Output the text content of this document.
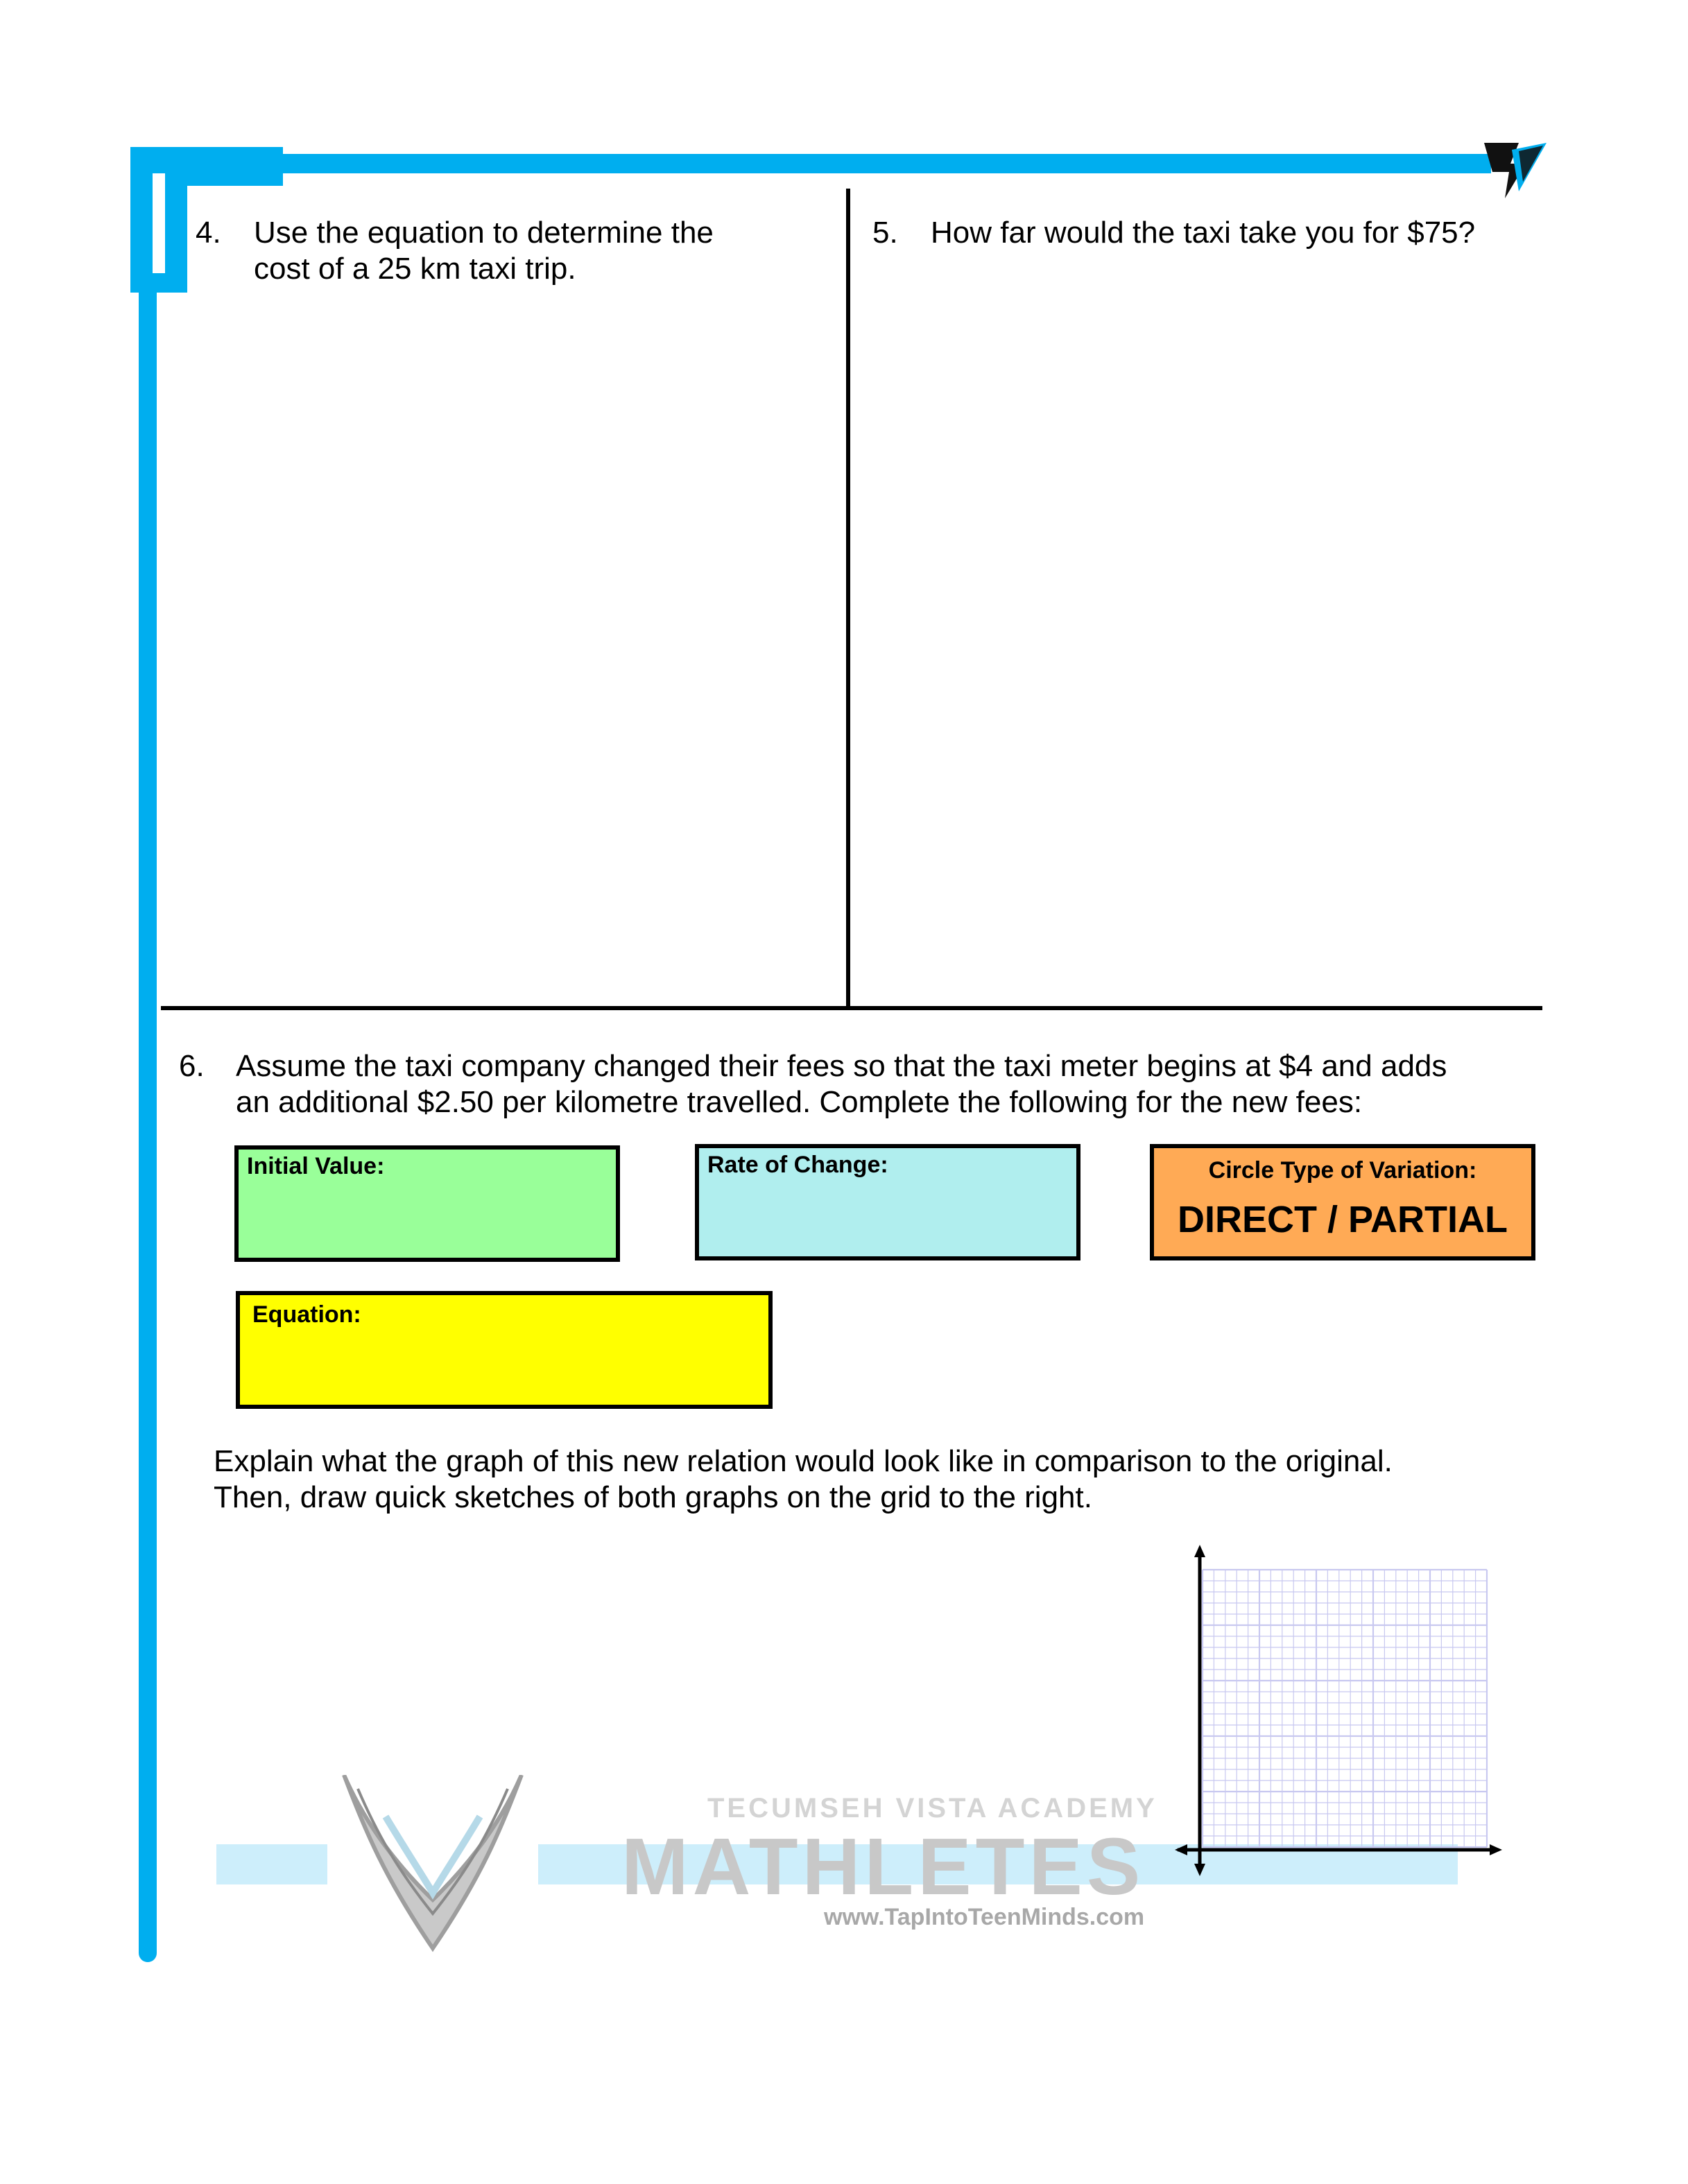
4. Use the equation to determine the
cost of a 25 km taxi trip.
5. How far would the taxi take you for $75?
6. Assume the taxi company changed their fees so that the taxi meter begins at $4 and adds
an additional $2.50 per kilometre travelled. Complete the following for the new fees:
Initial Value:	Rate of Change:	Circle Type of Variation:
DIRECT / PARTIAL
Equation:
Explain what the graph of this new relation would look like in comparison to the original.
Then, draw quick sketches of both graphs on the grid to the right.
TECUMSEH VISTA ACADEMY
MATHLETES
www.TapIntoTeenMinds.com
